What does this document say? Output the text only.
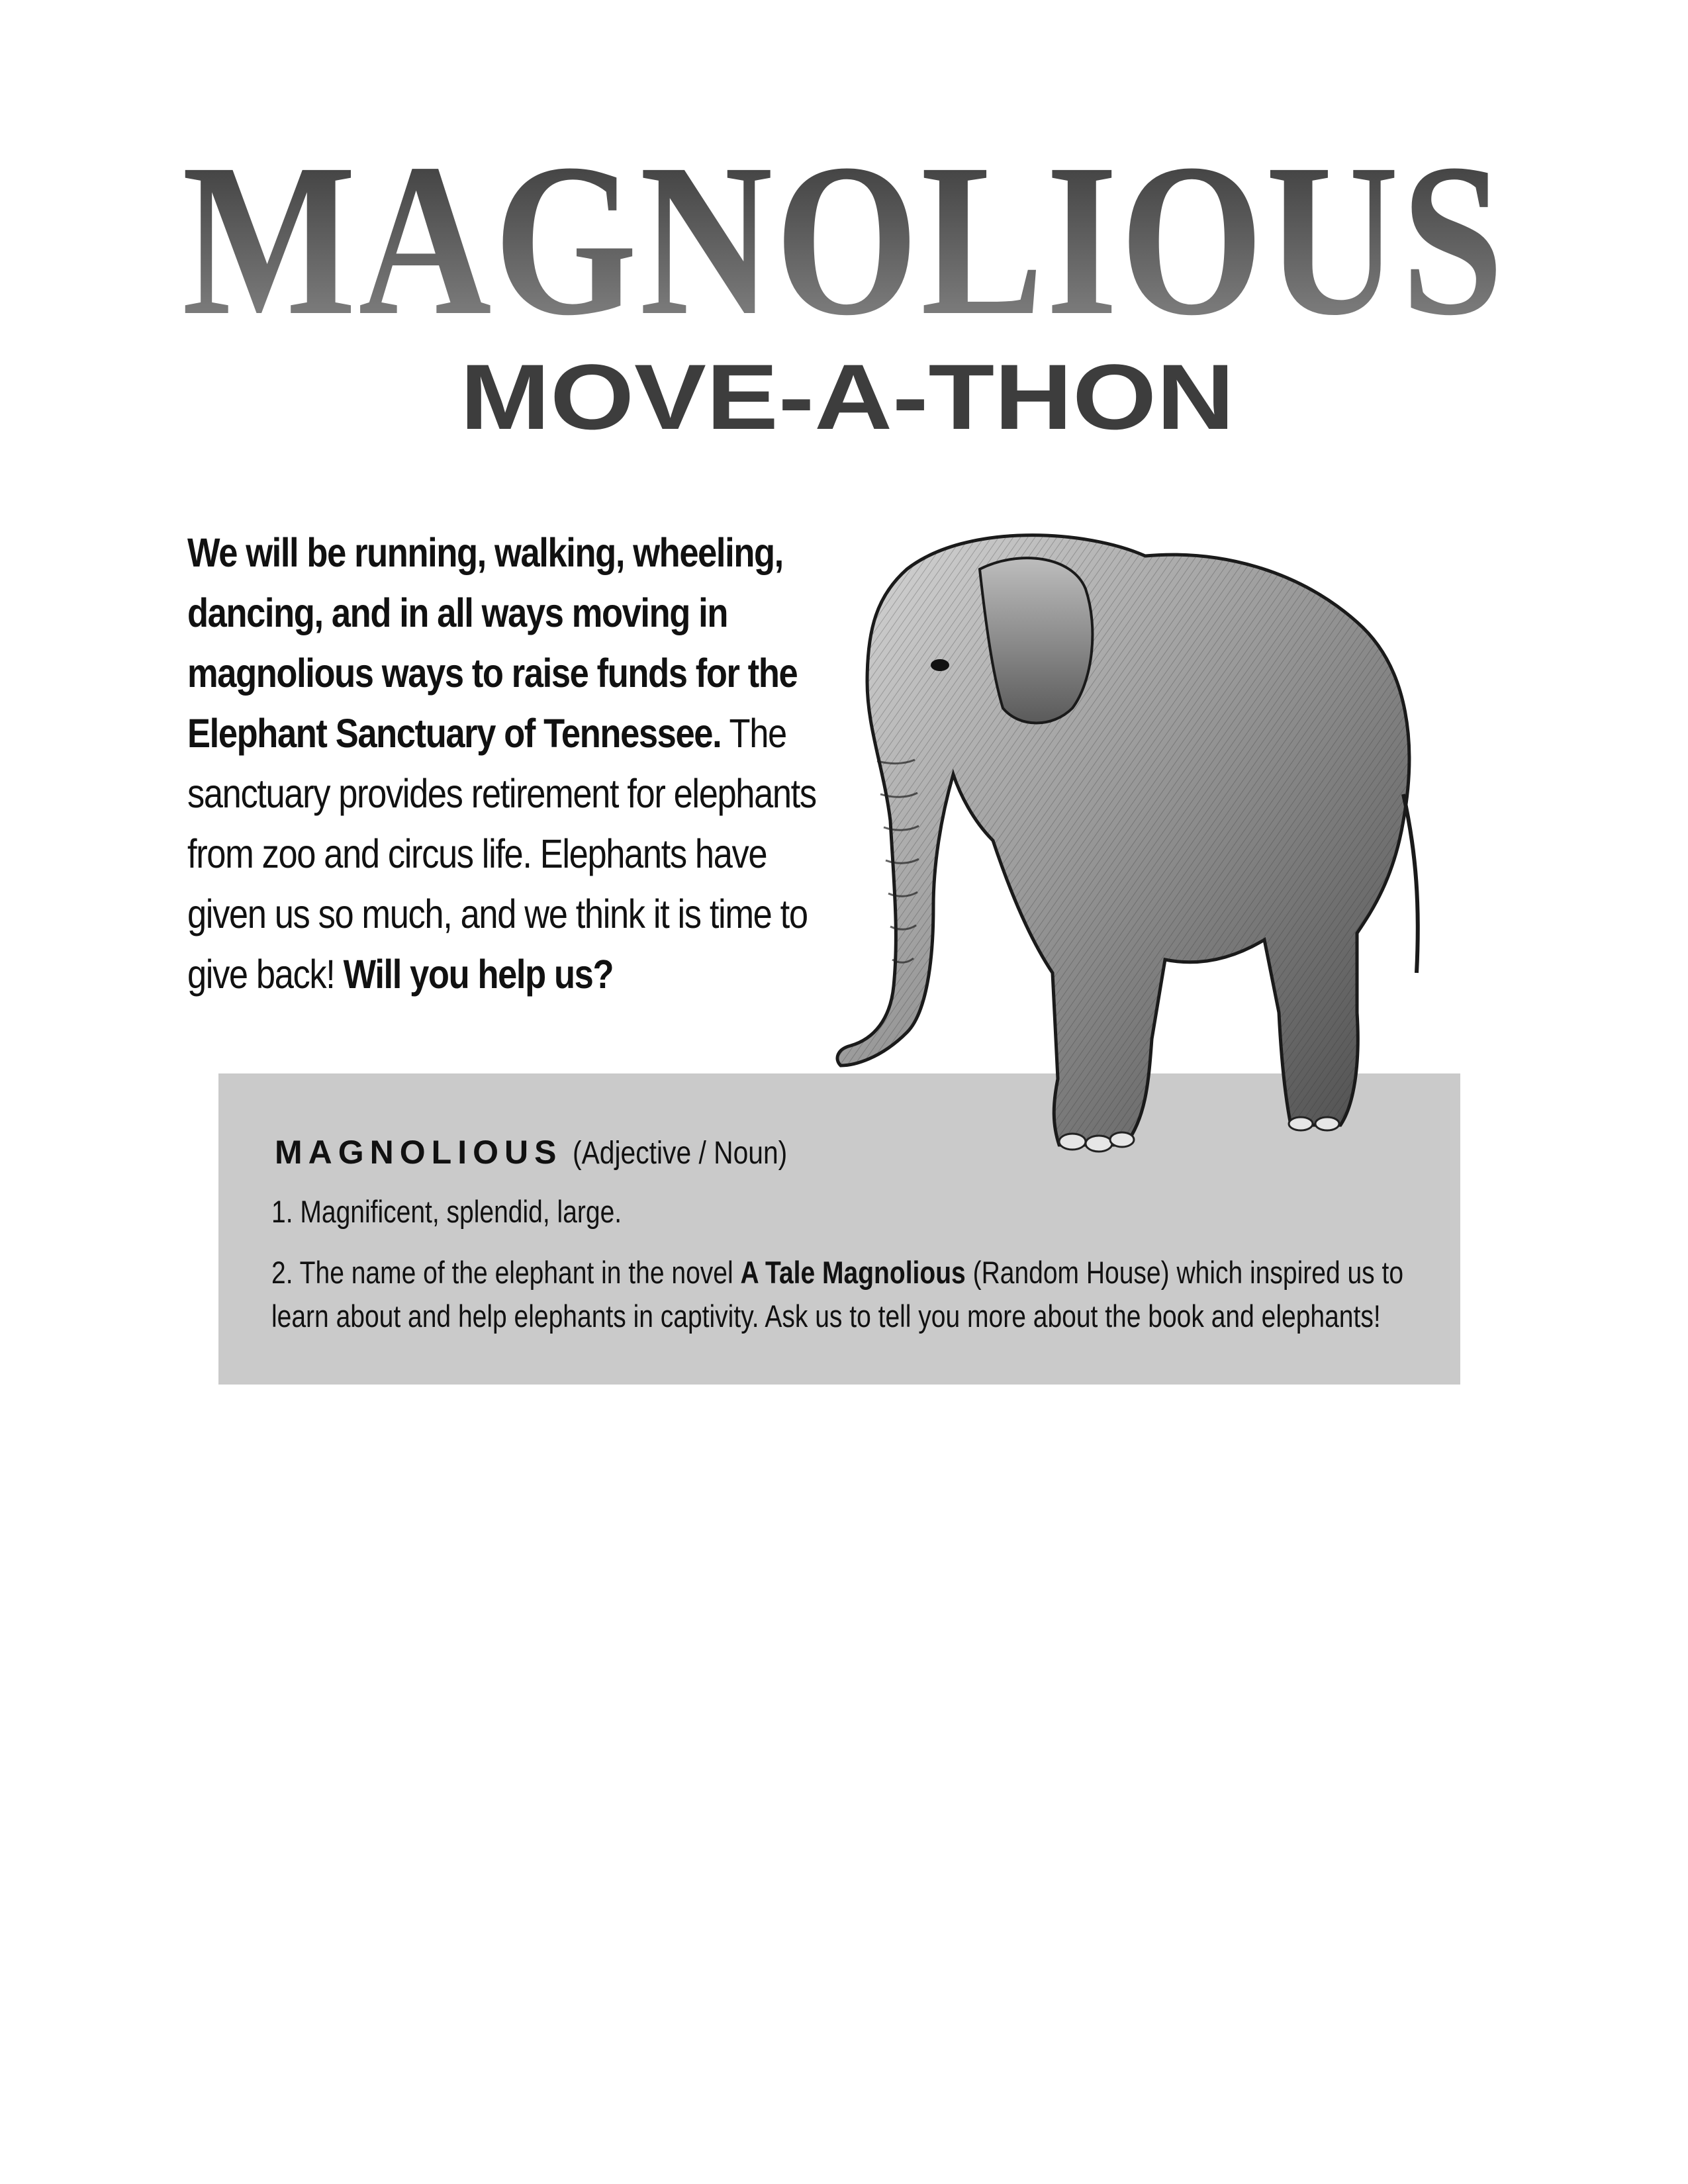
MAGNOLIOUS
MOVE-A-THON
We will be running, walking, wheeling, dancing, and in all ways moving in magnolious ways to raise funds for the Elephant Sanctuary of Tennessee. The sanctuary provides retirement for elephants from zoo and circus life. Elephants have given us so much, and we think it is time to give back! Will you help us?
MAGNOLIOUS (Adjective / Noun)
1. Magnificent, splendid, large.
2. The name of the elephant in the novel A Tale Magnolious (Random House) which inspired us to
learn about and help elephants in captivity. Ask us to tell you more about the book and elephants!
